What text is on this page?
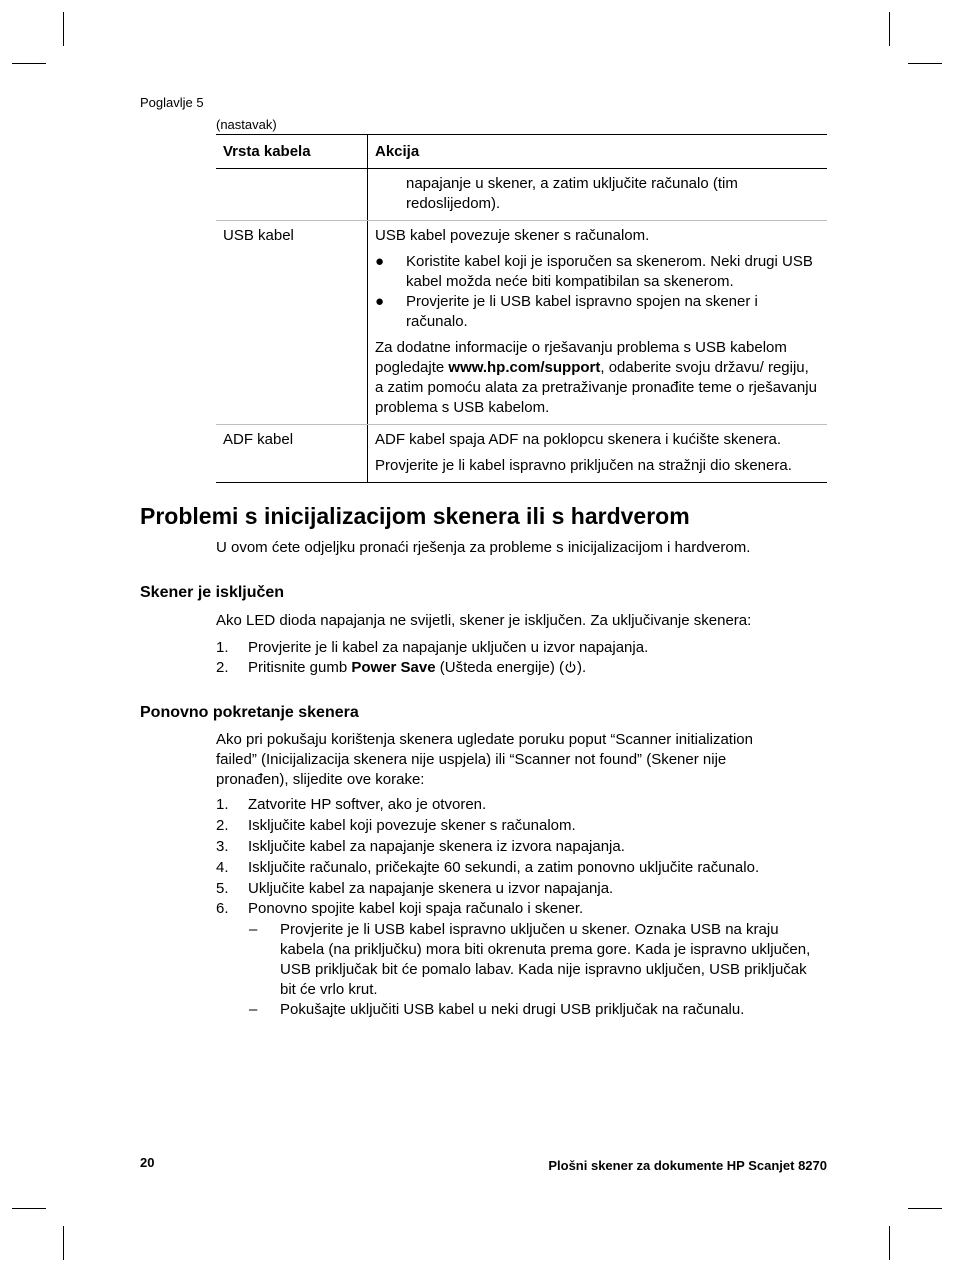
Poglavlje 5
(nastavak)
Vrsta kabela	Akcija

napajanje u skener, a zatim uključite računalo (tim redoslijedom).

USB kabel	USB kabel povezuje skener s računalom.

● Koristite kabel koji je isporučen sa skenerom. Neki drugi USB kabel možda neće biti kompatibilan sa skenerom.
● Provjerite je li USB kabel ispravno spojen na skener i računalo.

Za dodatne informacije o rješavanju problema s USB kabelom pogledajte www.hp.com/support, odaberite svoju državu/ regiju, a zatim pomoću alata za pretraživanje pronađite teme o rješavanju problema s USB kabelom.

ADF kabel	ADF kabel spaja ADF na poklopcu skenera i kućište skenera.

Provjerite je li kabel ispravno priključen na stražnji dio skenera.

Problemi s inicijalizacijom skenera ili s hardverom
U ovom ćete odjeljku pronaći rješenja za probleme s inicijalizacijom i hardverom.
Skener je isključen
Ako LED dioda napajanja ne svijetli, skener je isključen. Za uključivanje skenera:
1. Provjerite je li kabel za napajanje uključen u izvor napajanja.
2. Pritisnite gumb Power Save (Ušteda energije) ( ).
Ponovno pokretanje skenera
Ako pri pokušaju korištenja skenera ugledate poruku poput “Scanner initialization failed” (Inicijalizacija skenera nije uspjela) ili “Scanner not found” (Skener nije pronađen), slijedite ove korake:
1. Zatvorite HP softver, ako je otvoren.
2. Isključite kabel koji povezuje skener s računalom.
3. Isključite kabel za napajanje skenera iz izvora napajanja.
4. Isključite računalo, pričekajte 60 sekundi, a zatim ponovno uključite računalo.
5. Uključite kabel za napajanje skenera u izvor napajanja.
6. Ponovno spojite kabel koji spaja računalo i skener.
– Provjerite je li USB kabel ispravno uključen u skener. Oznaka USB na kraju kabela (na priključku) mora biti okrenuta prema gore. Kada je ispravno uključen, USB priključak bit će pomalo labav. Kada nije ispravno uključen, USB priključak bit će vrlo krut.
– Pokušajte uključiti USB kabel u neki drugi USB priključak na računalu.
20	Plošni skener za dokumente HP Scanjet 8270
